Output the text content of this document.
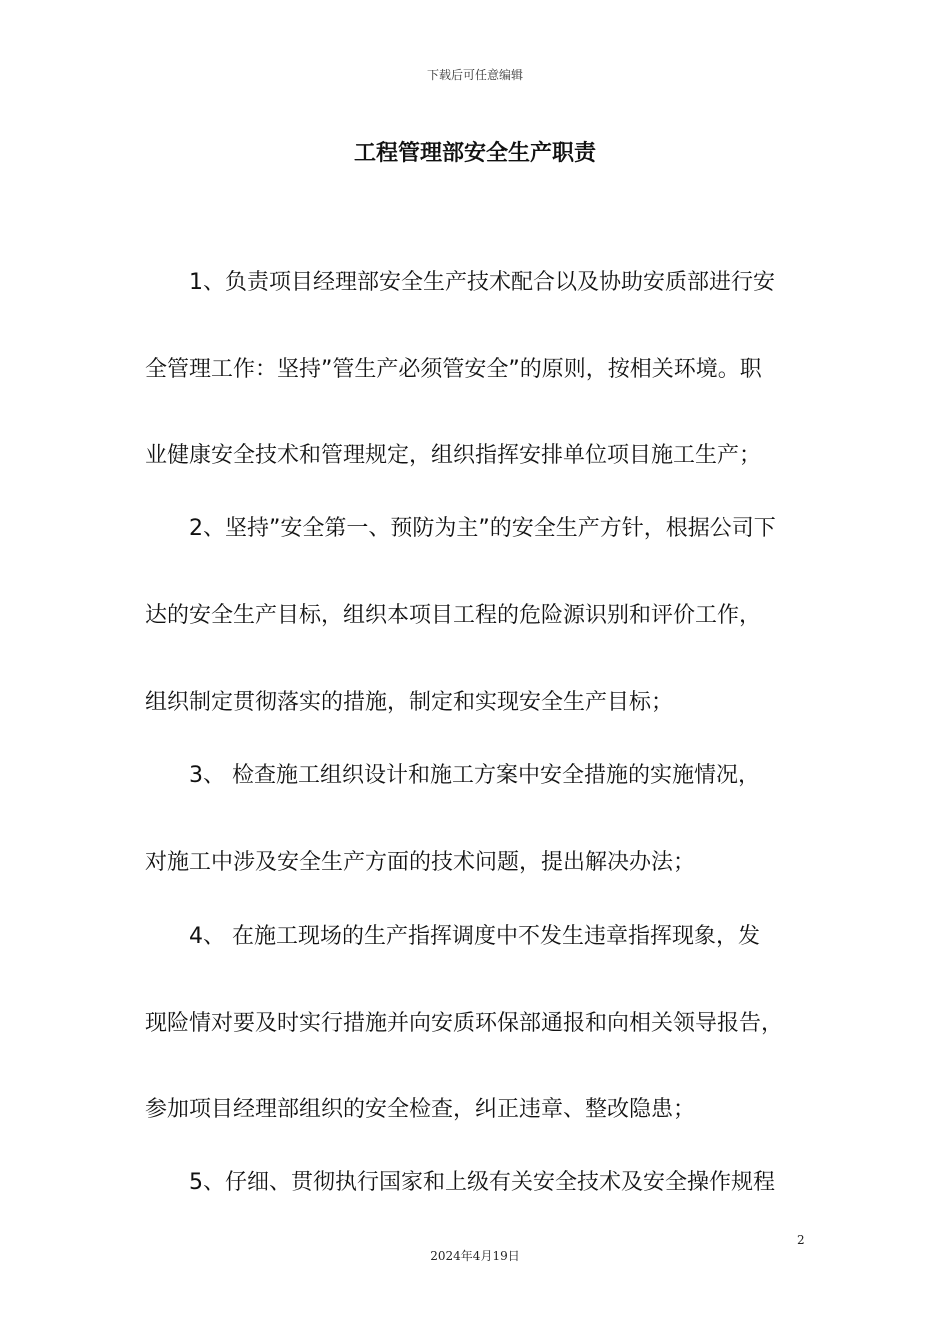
下载后可任意编辑
工程管理部安全生产职责
1、负责项目经理部安全生产技术配合以及协助安质部进行安
全管理工作：坚持”管生产必须管安全”的原则，按相关环境。职
业健康安全技术和管理规定，组织指挥安排单位项目施工生产；
2、坚持”安全第一、预防为主”的安全生产方针，根据公司下
达的安全生产目标，组织本项目工程的危险源识别和评价工作，
组织制定贯彻落实的措施，制定和实现安全生产目标；
3、 检查施工组织设计和施工方案中安全措施的实施情况，
对施工中涉及安全生产方面的技术问题，提出解决办法；
4、 在施工现场的生产指挥调度中不发生违章指挥现象，发
现险情对要及时实行措施并向安质环保部通报和向相关领导报告，
参加项目经理部组织的安全检查，纠正违章、整改隐患；
5、仔细、贯彻执行国家和上级有关安全技术及安全操作规程
2
2024年4月19日
